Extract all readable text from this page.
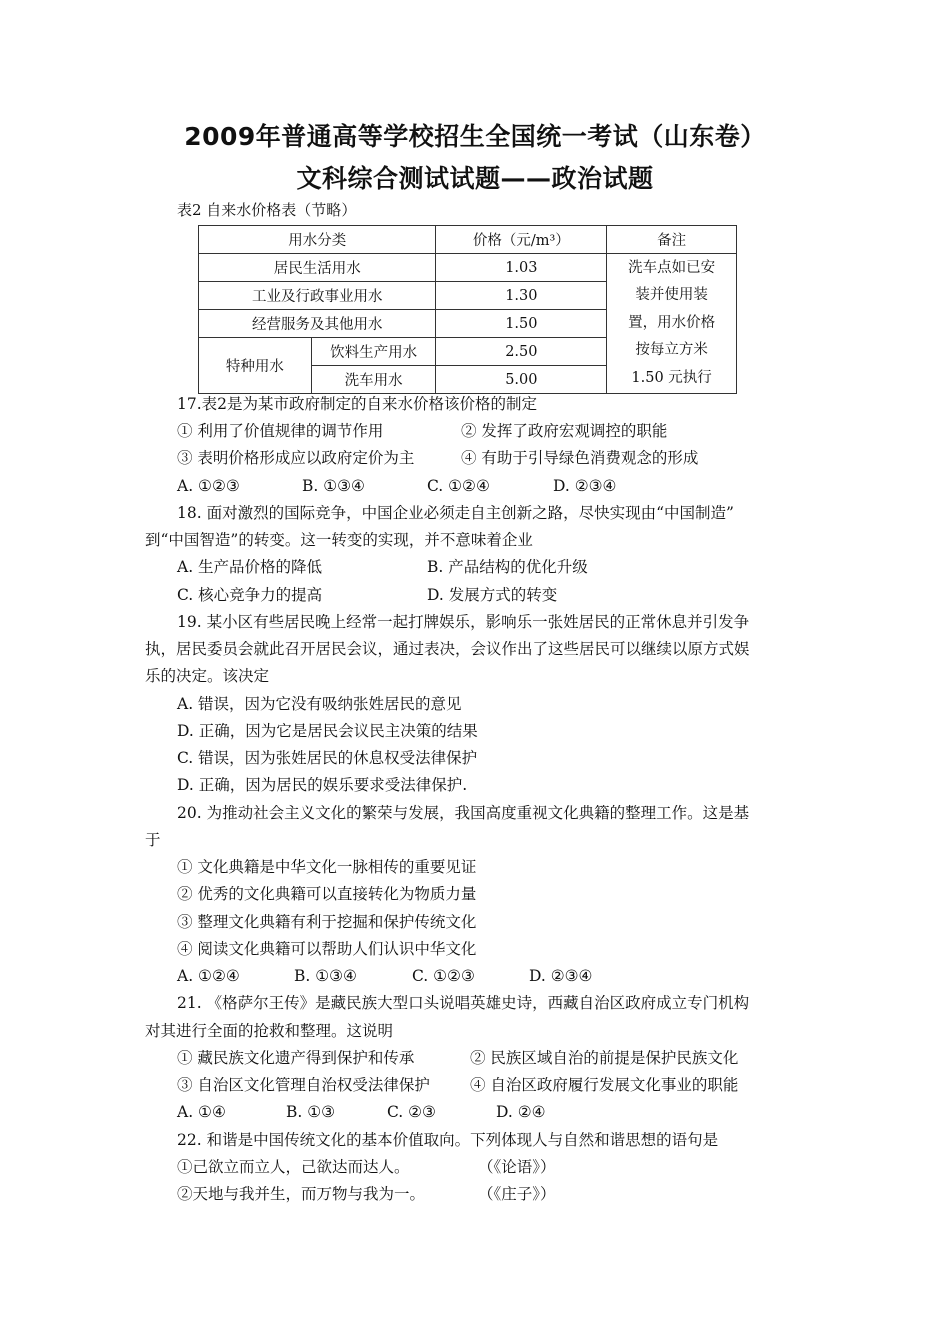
2009年普通高等学校招生全国统一考试（山东卷）
文科综合测试试题——政治试题
表2 自来水价格表（节略）
用水分类		价格（元/m³）	备注
居民生活用水		1.03	洗车点如已安
装并使用装
置，用水价格
按每立方米
1.50 元执行

工业及行政事业用水		1.30	
经营服务及其他用水		1.50	
特种用水	饮料生产用水	2.50	
	洗车用水	5.00	
17.表2是为某市政府制定的自来水价格该价格的制定
① 利用了价值规律的调节作用	② 发挥了政府宏观调控的职能
③ 表明价格形成应以政府定价为主	④ 有助于引导绿色消费观念的形成
A. ①②③	B. ①③④	C. ①②④	D. ②③④
18. 面对激烈的国际竞争，中国企业必须走自主创新之路，尽快实现由“中国制造”
到“中国智造”的转变。这一转变的实现，并不意味着企业
A. 生产品价格的降低	B. 产品结构的优化升级
C. 核心竞争力的提高	D. 发展方式的转变
19. 某小区有些居民晚上经常一起打牌娱乐，影响乐一张姓居民的正常休息并引发争
执，居民委员会就此召开居民会议，通过表决，会议作出了这些居民可以继续以原方式娱
乐的决定。该决定
A. 错误，因为它没有吸纳张姓居民的意见
D. 正确，因为它是居民会议民主决策的结果
C. 错误，因为张姓居民的休息权受法律保护
D. 正确，因为居民的娱乐要求受法律保护.
20. 为推动社会主义文化的繁荣与发展，我国高度重视文化典籍的整理工作。这是基
于
① 文化典籍是中华文化一脉相传的重要见证
② 优秀的文化典籍可以直接转化为物质力量
③ 整理文化典籍有利于挖掘和保护传统文化
④ 阅读文化典籍可以帮助人们认识中华文化
A. ①②④	B. ①③④	C. ①②③	D. ②③④
21. 《格萨尔王传》是藏民族大型口头说唱英雄史诗，西藏自治区政府成立专门机构
对其进行全面的抢救和整理。这说明
① 藏民族文化遗产得到保护和传承	② 民族区域自治的前提是保护民族文化
③ 自治区文化管理自治权受法律保护	④ 自治区政府履行发展文化事业的职能
A. ①④	B. ①③	C. ②③	D. ②④
22. 和谐是中国传统文化的基本价值取向。下列体现人与自然和谐思想的语句是
①己欲立而立人，己欲达而达人。	（《论语》）
②天地与我并生，而万物与我为一。	（《庄子》）
